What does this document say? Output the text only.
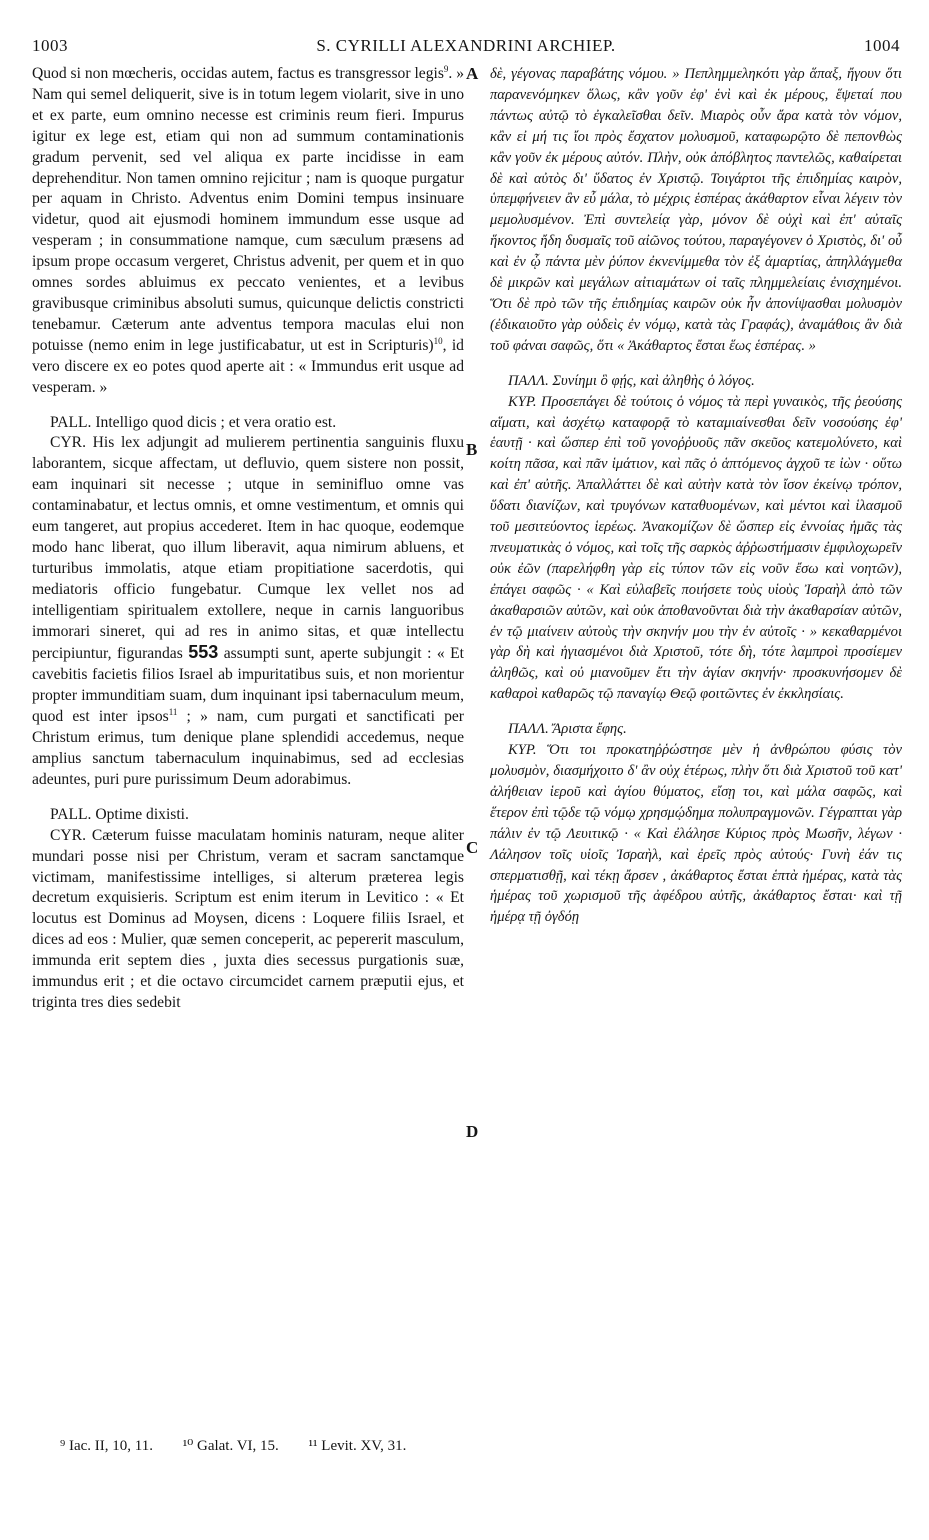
1003	S. CYRILLI ALEXANDRINI ARCHIEP.	1004
A
B
C
D

Quod si non mœcheris, occidas autem, factus es transgressor legis$^9$. » Nam qui semel deliquerit, sive is in totum legem violarit, sive in uno et ex parte, eum omnino necesse est criminis reum fieri. Impurus igitur ex lege est, etiam qui non ad summum contaminationis gradum pervenit, sed vel aliqua ex parte incidisse in eam deprehenditur. Non tamen omnino rejicitur ; nam is quoque purgatur per aquam in Christo. Adventus enim Domini tempus insinuare videtur, quod ait ejusmodi hominem immundum esse usque ad vesperam ; in consummatione namque, cum sæculum præsens ad ipsum prope occasum vergeret, Christus advenit, per quem et in quo omnes sordes abluimus ex peccato venientes, et a levibus gravibusque criminibus absoluti sumus, quicunque delictis constricti tenebamur. Cæterum ante adventus tempora maculas elui non potuisse (nemo enim in lege justificabatur, ut est in Scripturis)$^{10}$, id vero discere ex eo potes quod aperte ait : « Immundus erit usque ad vesperam. »

PALL. Intelligo quod dicis ; et vera oratio est.

CYR. His lex adjungit ad mulierem pertinentia sanguinis fluxu laborantem, sicque affectam, ut defluvio, quem sistere non possit, eam inquinari sit necesse ; utque in seminifluo omne vas contaminabatur, et lectus omnis, et omne vestimentum, et omnis qui eum tangeret, aut propius accederet. Item in hac quoque, eodemque modo hanc liberat, quo illum liberavit, aqua nimirum abluens, et turturibus immolatis, atque etiam propitiatione sacerdotis, qui mediatoris officio fungebatur. Cumque lex vellet nos ad intelligentiam spiritualem extollere, neque in carnis languoribus immorari sineret, qui ad res in animo sitas, et quæ intellectu percipiuntur, figurandas 553 assumpti sunt, aperte subjungit : « Et cavebitis facietis filios Israel ab impuritatibus suis, et non morientur propter immunditiam suam, dum inquinant ipsi tabernaculum meum, quod est inter ipsos$^{11}$ ; » nam, cum purgati et sanctificati per Christum erimus, tum denique plane splendidi accedemus, neque amplius sanctum tabernaculum inquinabimus, sed ad ecclesias adeuntes, puri pure purissimum Deum adorabimus.

PALL. Optime dixisti.

CYR. Cæterum fuisse maculatam hominis naturam, neque aliter mundari posse nisi per Christum, veram et sacram sanctamque victimam, manifestissime intelliges, si alterum præterea legis decretum exquisieris. Scriptum est enim iterum in Levitico : « Et locutus est Dominus ad Moysen, dicens : Loquere filiis Israel, et dices ad eos : Mulier, quæ semen conceperit, ac pepererit masculum, immunda erit septem dies , juxta dies secessus purgationis suæ, immundus erit ; et die octavo circumcidet carnem præputii ejus, et triginta tres dies sedebit

δὲ, γέγονας παραβάτης νόμου. » Πεπλημμεληκότι γὰρ ἅπαξ, ἤγουν ὅτι παρανενόμηκεν ὅλως, κἂν γοῦν ἐφ' ἑνὶ καὶ ἐκ μέρους, ἕψεταί που πάντως αὐτῷ τὸ ἐγκαλεῖσθαι δεῖν. Μιαρὸς οὖν ἄρα κατὰ τὸν νόμον, κἂν εἰ μή τις ἴοι πρὸς ἔσχατον μολυσμοῦ, καταφωρῷτο δὲ πεπονθὼς κἂν γοῦν ἐκ μέρους αὐτόν. Πλὴν, οὐκ ἀπόβλητος παντελῶς, καθαίρεται δὲ καὶ αὐτὸς δι' ὕδατος ἐν Χριστῷ. Τοιγάρτοι τῆς ἐπιδημίας καιρὸν, ὑπεμφήνειεν ἂν εὖ μάλα, τὸ μέχρις ἑσπέρας ἀκάθαρτον εἶναι λέγειν τὸν μεμολυσμένον. Ἐπὶ συντελείᾳ γὰρ, μόνον δὲ οὐχὶ καὶ ἐπ' αὐταῖς ἥκοντος ἤδη δυσμαῖς τοῦ αἰῶνος τούτου, παραγέγονεν ὁ Χριστὸς, δι' οὗ καὶ ἐν ᾧ πάντα μὲν ῥύπον ἐκνενίμμεθα τὸν ἐξ ἁμαρτίας, ἀπηλλάγμεθα δὲ μικρῶν καὶ μεγάλων αἰτιαμάτων οἱ ταῖς πλημμελείαις ἐνισχημένοι. Ὅτι δὲ πρὸ τῶν τῆς ἐπιδημίας καιρῶν οὐκ ἦν ἀπονίψασθαι μολυσμὸν (ἐδικαιοῦτο γὰρ οὐδεὶς ἐν νόμῳ, κατὰ τὰς Γραφάς), ἀναμάθοις ἂν διὰ τοῦ φάναι σαφῶς, ὅτι « Ἀκάθαρτος ἔσται ἕως ἑσπέρας. »

ΠΑΛΛ. Συνίημι ὃ φῄς, καὶ ἀληθὴς ὁ λόγος.

ΚΥΡ. Προσεπάγει δὲ τούτοις ὁ νόμος τὰ περὶ γυναικὸς, τῆς ῥεούσης αἵματι, καὶ ἀσχέτῳ καταφορᾷ τὸ καταμιαίνεσθαι δεῖν νοσούσης ἐφ' ἑαυτῇ · καὶ ὥσπερ ἐπὶ τοῦ γονοῤῥυοῦς πᾶν σκεῦος κατεμολύνετο, καὶ κοίτη πᾶσα, καὶ πᾶν ἱμάτιον, καὶ πᾶς ὁ ἁπτόμενος ἀγχοῦ τε ἰὼν · οὕτω καὶ ἐπ' αὐτῆς. Ἀπαλλάττει δὲ καὶ αὐτὴν κατὰ τὸν ἴσον ἐκείνῳ τρόπον, ὕδατι διανίζων, καὶ τρυγόνων καταθυομένων, καὶ μέντοι καὶ ἱλασμοῦ τοῦ μεσιτεύοντος ἱερέως. Ἀνακομίζων δὲ ὥσπερ εἰς ἐννοίας ἡμᾶς τὰς πνευματικὰς ὁ νόμος, καὶ τοῖς τῆς σαρκὸς ἀῤῥωστήμασιν ἐμφιλοχωρεῖν οὐκ ἐῶν (παρελήφθη γὰρ εἰς τύπον τῶν εἰς νοῦν ἔσω καὶ νοητῶν), ἐπάγει σαφῶς · « Καὶ εὐλαβεῖς ποιήσετε τοὺς υἱοὺς Ἰσραὴλ ἀπὸ τῶν ἀκαθαρσιῶν αὐτῶν, καὶ οὐκ ἀποθανοῦνται διὰ τὴν ἀκαθαρσίαν αὐτῶν, ἐν τῷ μιαίνειν αὐτοὺς τὴν σκηνήν μου τὴν ἐν αὐτοῖς · » κεκαθαρμένοι γὰρ δὴ καὶ ἡγιασμένοι διὰ Χριστοῦ, τότε δὴ, τότε λαμπροὶ προσίεμεν ἀληθῶς, καὶ οὐ μιανοῦμεν ἔτι τὴν ἁγίαν σκηνήν· προσκυνήσομεν δὲ καθαροὶ καθαρῶς τῷ παναγίῳ Θεῷ φοιτῶντες ἐν ἐκκλησίαις.

ΠΑΛΛ. Ἄριστα ἔφης.

ΚΥΡ. Ὅτι τοι προκατηῤῥώστησε μὲν ἡ ἀνθρώπου φύσις τὸν μολυσμὸν, διασμήχοιτο δ' ἂν οὐχ ἑτέρως, πλὴν ὅτι διὰ Χριστοῦ τοῦ κατ' ἀλήθειαν ἱεροῦ καὶ ἁγίου θύματος, εἴσῃ τοι, καὶ μάλα σαφῶς, καὶ ἕτερον ἐπὶ τῷδε τῷ νόμῳ χρησμῴδημα πολυπραγμονῶν. Γέγραπται γὰρ πάλιν ἐν τῷ Λευιτικῷ · « Καὶ ἐλάλησε Κύριος πρὸς Μωσῆν, λέγων · Λάλησον τοῖς υἱοῖς Ἰσραὴλ, καὶ ἐρεῖς πρὸς αὐτούς· Γυνὴ ἐάν τις σπερματισθῇ, καὶ τέκῃ ἄρσεν , ἀκάθαρτος ἔσται ἑπτὰ ἡμέρας, κατὰ τὰς ἡμέρας τοῦ χωρισμοῦ τῆς ἀφέδρου αὐτῆς, ἀκάθαρτος ἔσται· καὶ τῇ ἡμέρᾳ τῇ ὀγδόῃ

⁹ Iac. II, 10, 11. ¹⁰ Galat. VI, 15. ¹¹ Levit. XV, 31.
